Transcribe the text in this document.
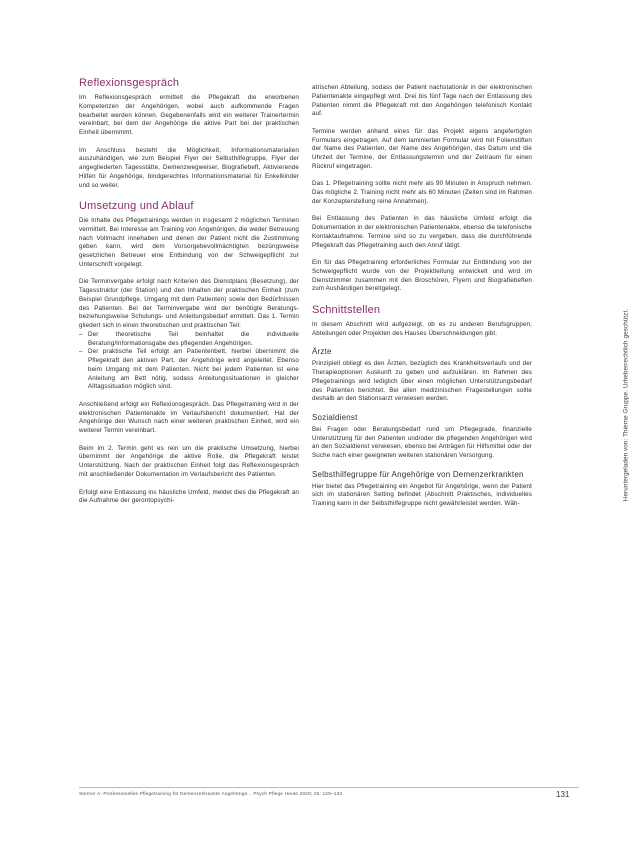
Reflexionsgespräch

Im Reflexionsgespräch ermittelt die Pflegekraft die erworbenen Kompetenzen der Angehörigen, wobei auch aufkommende Fragen bearbeitet werden können. Gegebenenfalls wird ein weiterer Trainertermin vereinbart, bei dem der Angehörige die aktive Part bei der praktischen Einheit übernimmt.

Im Anschluss besteht die Möglichkeit, Informationsmaterialien auszuhändigen, wie zum Beispiel Flyer der Selbsthilfegruppe, Flyer der angegliederten Tagesstätte, Demenzwegweiser, Biografiebeft, Aktivierende Hilfen für Angehörige, bindgerechtes Informationsmaterial für Enkelkinder und so weiter.

Umsetzung und Ablauf

Die Inhalte des Pflegetrainings werden in insgesamt 2 möglichen Terminen vermittelt. Bei Interesse am Training von Angehörigen, die weder Betreuung nach Vollmacht innehaben und denen der Patient nicht die Zustimmung geben kann, wird dem Vorsorgebevollmächtigten bezüngsweise gesetzlichen Betreuer eine Entbindung von der Schweigepflicht zur Unterschrift vorgelegt.

Die Terminvergabe erfolgt nach Kriterien des Dienstplans (Besetzung), der Tagesstruktur (der Station) und den Inhalten der praktischen Einheit (zum Beispiel Grundpflege, Umgang mit dem Patienten) sowie den Bedürfnissen des Patienten. Bei der Terminvergabe wird der benötigte Beratungs- beziehungsweise Schulungs- und Anleitungsbedarf ermittelt. Das 1. Termin gliedert sich in einen theoretischen und praktischen Teil:

– Der theoretische Teil beinhaltet die individuelle Beratung/Informationsgabe des pflegenden Angehörigen.
– Der praktische Teil erfolgt am Patientenbett, hierbei übernimmt die Pflegekraft den aktiven Part, der Angehörige wird angeleitet. Ebenso beim Umgang mit dem Patienten. Nicht bei jedem Patienten ist eine Anleitung am Bett nötig, sodass Anleitungssituationen in gleicher Alltagssituation möglich sind.

Anschließend erfolgt ein Reflexionsgespräch. Das Pflegetraining wird in der elektronischen Patientenakte im Verlaufsbericht dokumentiert. Hat der Angehörige den Wunsch nach einer weiteren praktischen Einheit, wird ein weiterer Termin vereinbart.

Beim im 2. Termin geht es rein um die praktische Umsetzung, hierbei übernimmt der Angehörige die aktive Rolle, die Pflegekraft leistet Unterstützung. Nach der praktischen Einheit folgt das Reflexionsgespräch mit anschließender Dokumentation im Verlaufsbericht des Patienten.

Erfolgt eine Entlassung ins häusliche Umfeld, meldet dies die Pflegekraft an die Aufnahme der gerontopsychi-

atrischen Abteilung, sodass der Patient nachstationär in der elektronischen Patientenakte eingepflegt wird. Drei bis fünf Tage nach der Entlassung des Patienten nimmt die Pflegekraft mit den Angehörigen telefonisch Kontakt auf.

Termine werden anhand eines für das Projekt eigens angefertigten Formulars eingetragen. Auf dem laminierten Formular wird mit Folienstiften der Name des Patienten, der Name des Angehörigen, das Datum und die Uhrzeit der Termine, der Entlassungstermin und der Zeitraum für einen Rückruf eingetragen.

Das 1. Pflegetraining sollte nicht mehr als 90 Minuten in Anspruch nehmen. Das mögliche 2. Training nicht mehr als 60 Minuten (Zeiten sind im Rahmen der Konzepterstellung reine Annahmen).

Bei Entlassung des Patienten in das häusliche Umfeld erfolgt die Dokumentation in der elektronischen Patientenakte, ebenso die telefonische Kontaktaufnahme. Termine sind so zu vergeben, dass die durchführende Pflegekraft das Pflegetraining auch den Anruf tätigt.

Ein für das Pflegetraining erforderliches Formular zur Entbindung von der Schweigepflicht wurde von der Projektleitung entwickelt und wird im Dienstzimmer zusammen mit den Broschüren, Flyern und Biografiebeften zum Aushändigen bereitgelegt.

Schnittstellen

In diesem Abschnitt wird aufgezeigt, ob es zu anderen Berufsgruppen, Abteilungen oder Projekten des Hauses Überschneidungen gibt.

Ärzte

Prinzipiell obliegt es den Ärzten, bezüglich des Krankheitsverlaufs und der Therapieoptionen Auskunft zu geben und aufzuklären. Im Rahmen des Pflegetrainings wird lediglich über einen möglichen Unterstützungsbedarf des Patienten berichtet. Bei allen medizinischen Fragestellungen sollte deshalb an den Stationsarzt verwiesen werden.

Sozialdienst

Bei Fragen oder Beratungsbedarf rund um Pflegegrade, finanzielle Unterstützung für den Patienten und/oder die pflegenden Angehörigen wird an den Sozialdienst verwiesen, ebenso bei Anträgen für Hilfsmittel oder der Suche nach einer geeigneten weiteren stationären Versorgung.

Selbsthilfegruppe für Angehörige von Demenzerkrankten

Hier bietet das Pflegetraining ein Angebot für Angehörige, wenn der Patient sich im stationären Setting befindet (Abschnitt Praktisches, individuelles Training kann in der Selbsthilfegruppe nicht gewährleistet werden. Wäh-

Heruntergeladen von: Thieme Gruppe. Urheberrechtlich geschützt.
Sterner A. Professionelles Pflegetraining für Demenzerkrankte Angehörige... Psych Pflege Heute 2020; 26: 129–133	131
